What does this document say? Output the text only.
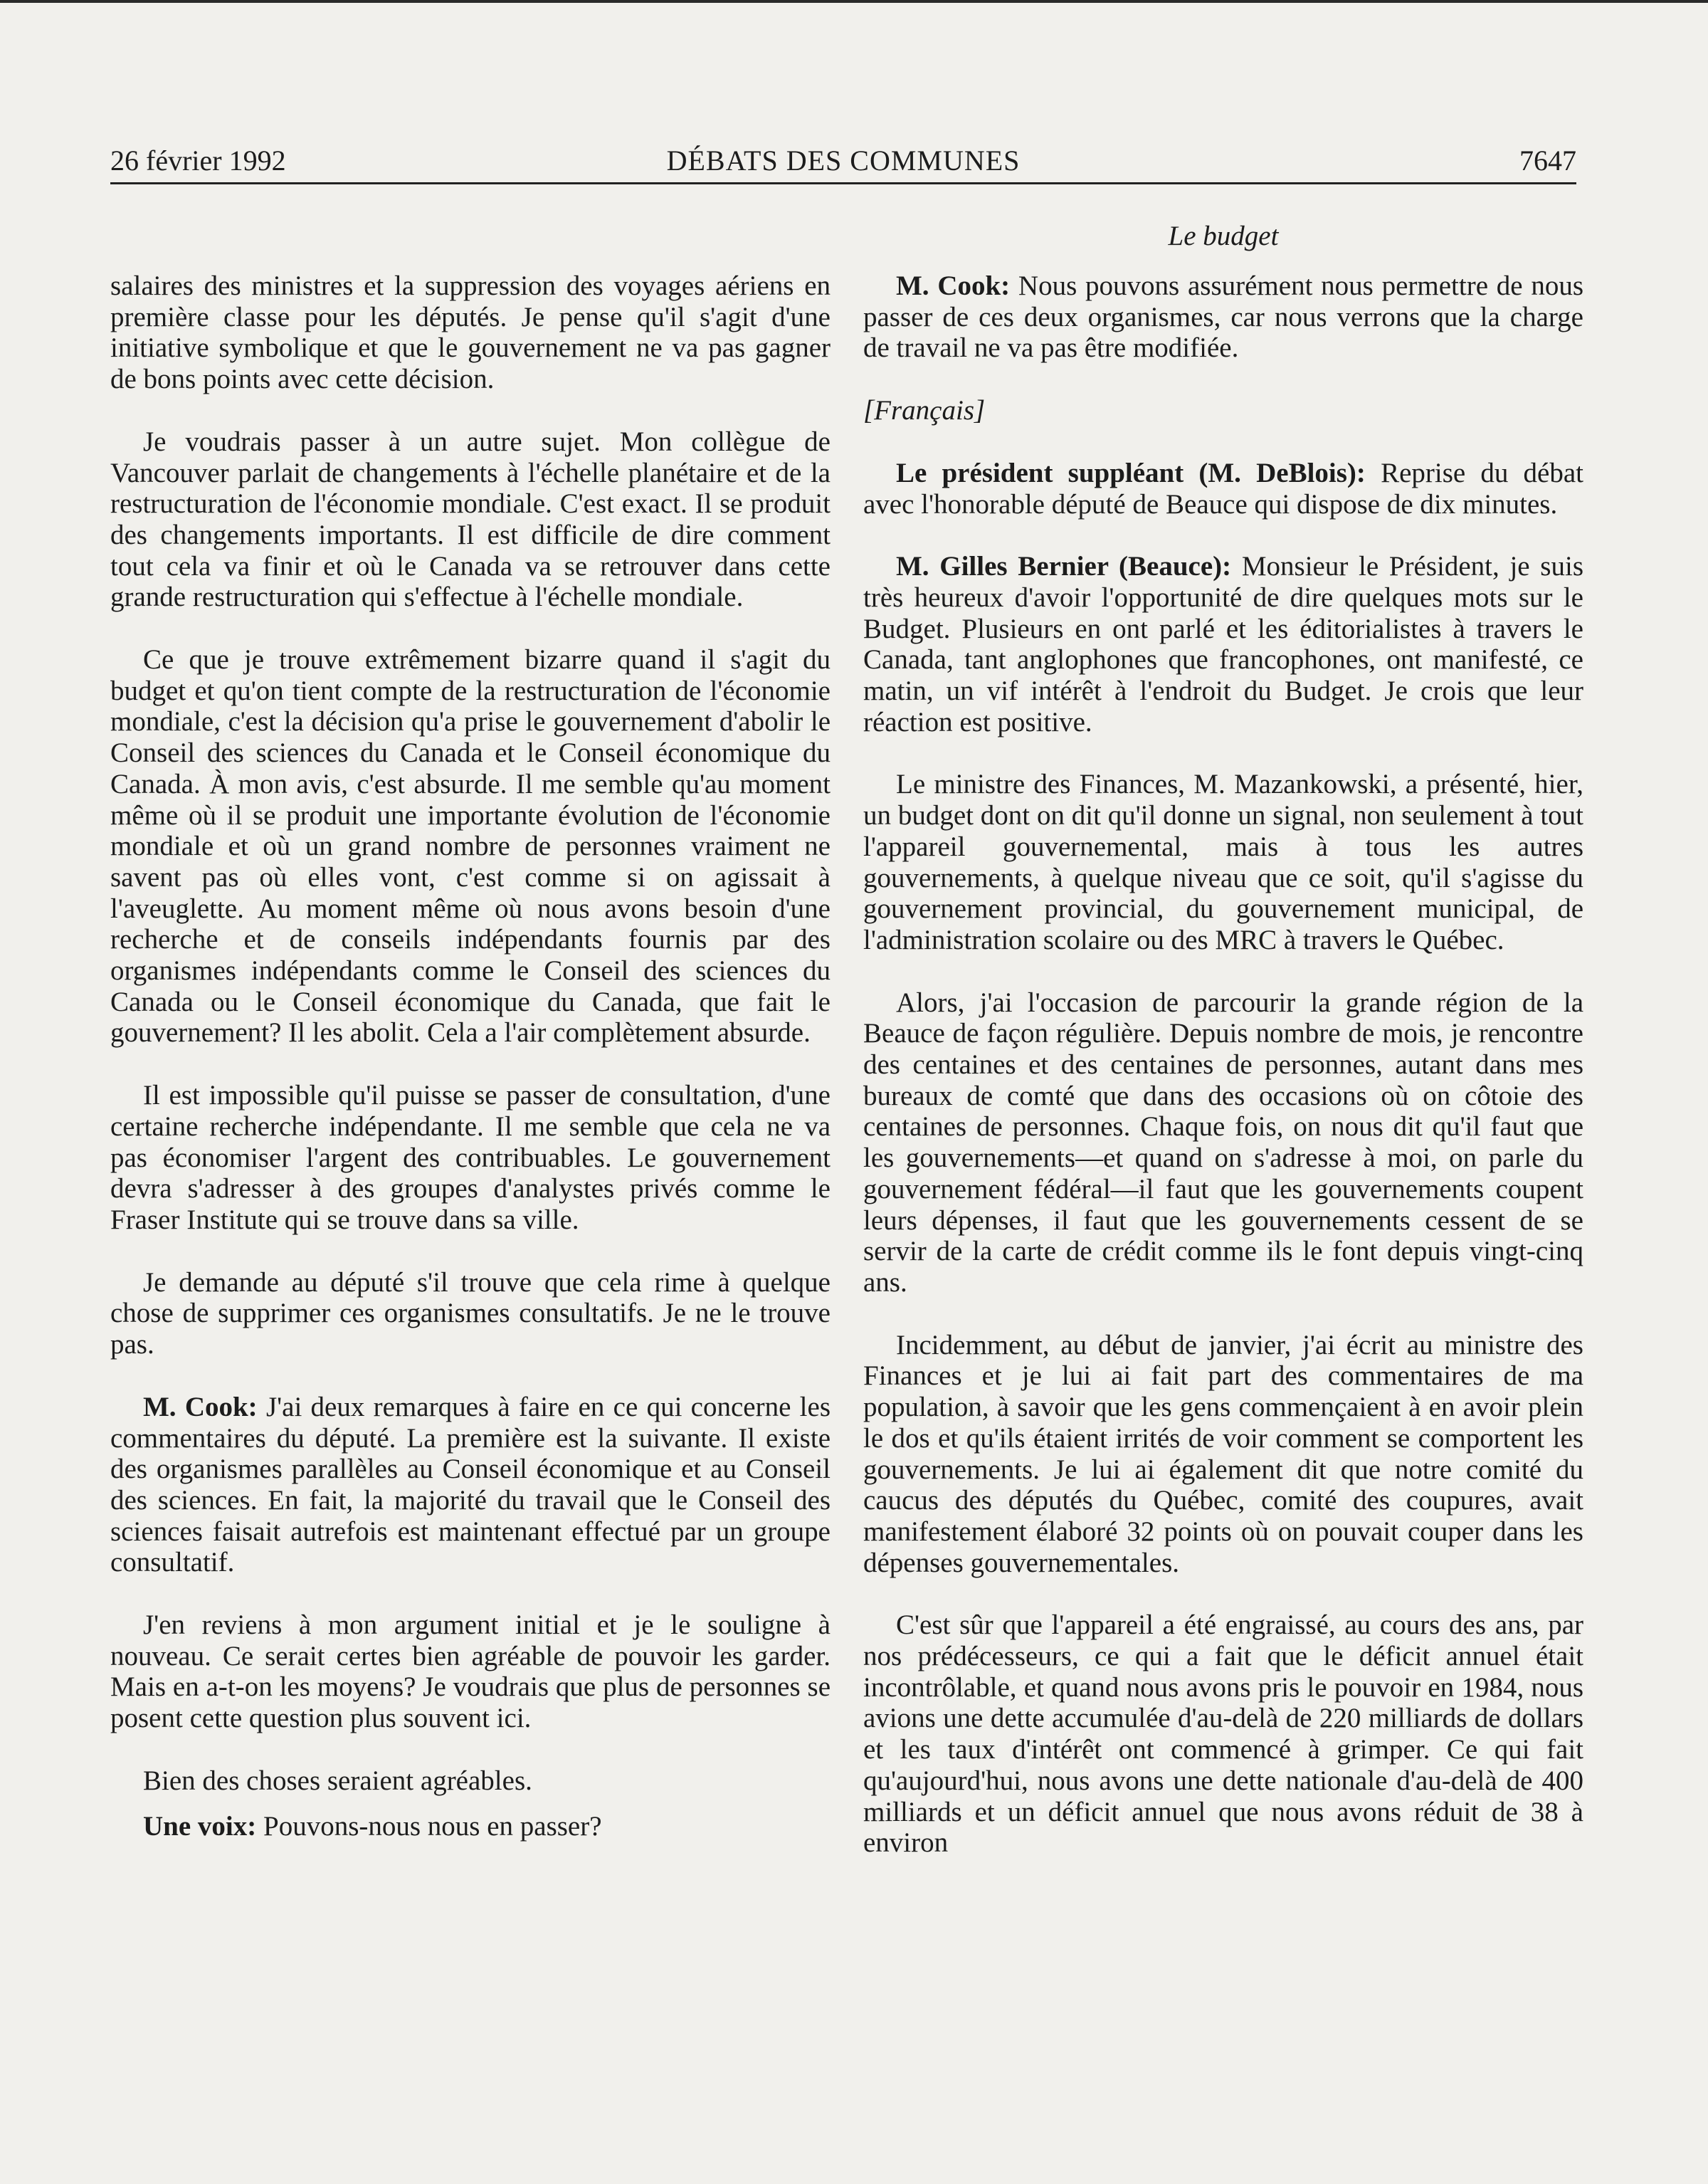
26 février 1992	DÉBATS DES COMMUNES	7647

salaires des ministres et la suppression des voyages aériens en première classe pour les députés. Je pense qu'il s'agit d'une initiative symbolique et que le gouvernement ne va pas gagner de bons points avec cette décision.

Je voudrais passer à un autre sujet. Mon collègue de Vancouver parlait de changements à l'échelle planétaire et de la restructuration de l'économie mondiale. C'est exact. Il se produit des changements importants. Il est difficile de dire comment tout cela va finir et où le Canada va se retrouver dans cette grande restructuration qui s'effectue à l'échelle mondiale.

Ce que je trouve extrêmement bizarre quand il s'agit du budget et qu'on tient compte de la restructuration de l'économie mondiale, c'est la décision qu'a prise le gouvernement d'abolir le Conseil des sciences du Canada et le Conseil économique du Canada. À mon avis, c'est absurde. Il me semble qu'au moment même où il se produit une importante évolution de l'économie mondiale et où un grand nombre de personnes vraiment ne savent pas où elles vont, c'est comme si on agissait à l'aveuglette. Au moment même où nous avons besoin d'une recherche et de conseils indépendants fournis par des organismes indépendants comme le Conseil des sciences du Canada ou le Conseil économique du Canada, que fait le gouvernement? Il les abolit. Cela a l'air complètement absurde.

Il est impossible qu'il puisse se passer de consultation, d'une certaine recherche indépendante. Il me semble que cela ne va pas économiser l'argent des contribuables. Le gouvernement devra s'adresser à des groupes d'analystes privés comme le Fraser Institute qui se trouve dans sa ville.

Je demande au député s'il trouve que cela rime à quelque chose de supprimer ces organismes consultatifs. Je ne le trouve pas.

M. Cook: J'ai deux remarques à faire en ce qui concerne les commentaires du député. La première est la suivante. Il existe des organismes parallèles au Conseil économique et au Conseil des sciences. En fait, la majorité du travail que le Conseil des sciences faisait autrefois est maintenant effectué par un groupe consultatif.

J'en reviens à mon argument initial et je le souligne à nouveau. Ce serait certes bien agréable de pouvoir les garder. Mais en a-t-on les moyens? Je voudrais que plus de personnes se posent cette question plus souvent ici.

Bien des choses seraient agréables.

Une voix: Pouvons-nous nous en passer?

Le budget

M. Cook: Nous pouvons assurément nous permettre de nous passer de ces deux organismes, car nous verrons que la charge de travail ne va pas être modifiée.

[Français]

Le président suppléant (M. DeBlois): Reprise du débat avec l'honorable député de Beauce qui dispose de dix minutes.

M. Gilles Bernier (Beauce): Monsieur le Président, je suis très heureux d'avoir l'opportunité de dire quelques mots sur le Budget. Plusieurs en ont parlé et les éditorialistes à travers le Canada, tant anglophones que francophones, ont manifesté, ce matin, un vif intérêt à l'endroit du Budget. Je crois que leur réaction est positive.

Le ministre des Finances, M. Mazankowski, a présenté, hier, un budget dont on dit qu'il donne un signal, non seulement à tout l'appareil gouvernemental, mais à tous les autres gouvernements, à quelque niveau que ce soit, qu'il s'agisse du gouvernement provincial, du gouvernement municipal, de l'administration scolaire ou des MRC à travers le Québec.

Alors, j'ai l'occasion de parcourir la grande région de la Beauce de façon régulière. Depuis nombre de mois, je rencontre des centaines et des centaines de personnes, autant dans mes bureaux de comté que dans des occasions où on côtoie des centaines de personnes. Chaque fois, on nous dit qu'il faut que les gouvernements—et quand on s'adresse à moi, on parle du gouvernement fédéral—il faut que les gouvernements coupent leurs dépenses, il faut que les gouvernements cessent de se servir de la carte de crédit comme ils le font depuis vingt-cinq ans.

Incidemment, au début de janvier, j'ai écrit au ministre des Finances et je lui ai fait part des commentaires de ma population, à savoir que les gens commençaient à en avoir plein le dos et qu'ils étaient irrités de voir comment se comportent les gouvernements. Je lui ai également dit que notre comité du caucus des députés du Québec, comité des coupures, avait manifestement élaboré 32 points où on pouvait couper dans les dépenses gouvernementales.

C'est sûr que l'appareil a été engraissé, au cours des ans, par nos prédécesseurs, ce qui a fait que le déficit annuel était incontrôlable, et quand nous avons pris le pouvoir en 1984, nous avions une dette accumulée d'au-delà de 220 milliards de dollars et les taux d'intérêt ont commencé à grimper. Ce qui fait qu'aujourd'hui, nous avons une dette nationale d'au-delà de 400 milliards et un déficit annuel que nous avons réduit de 38 à environ
